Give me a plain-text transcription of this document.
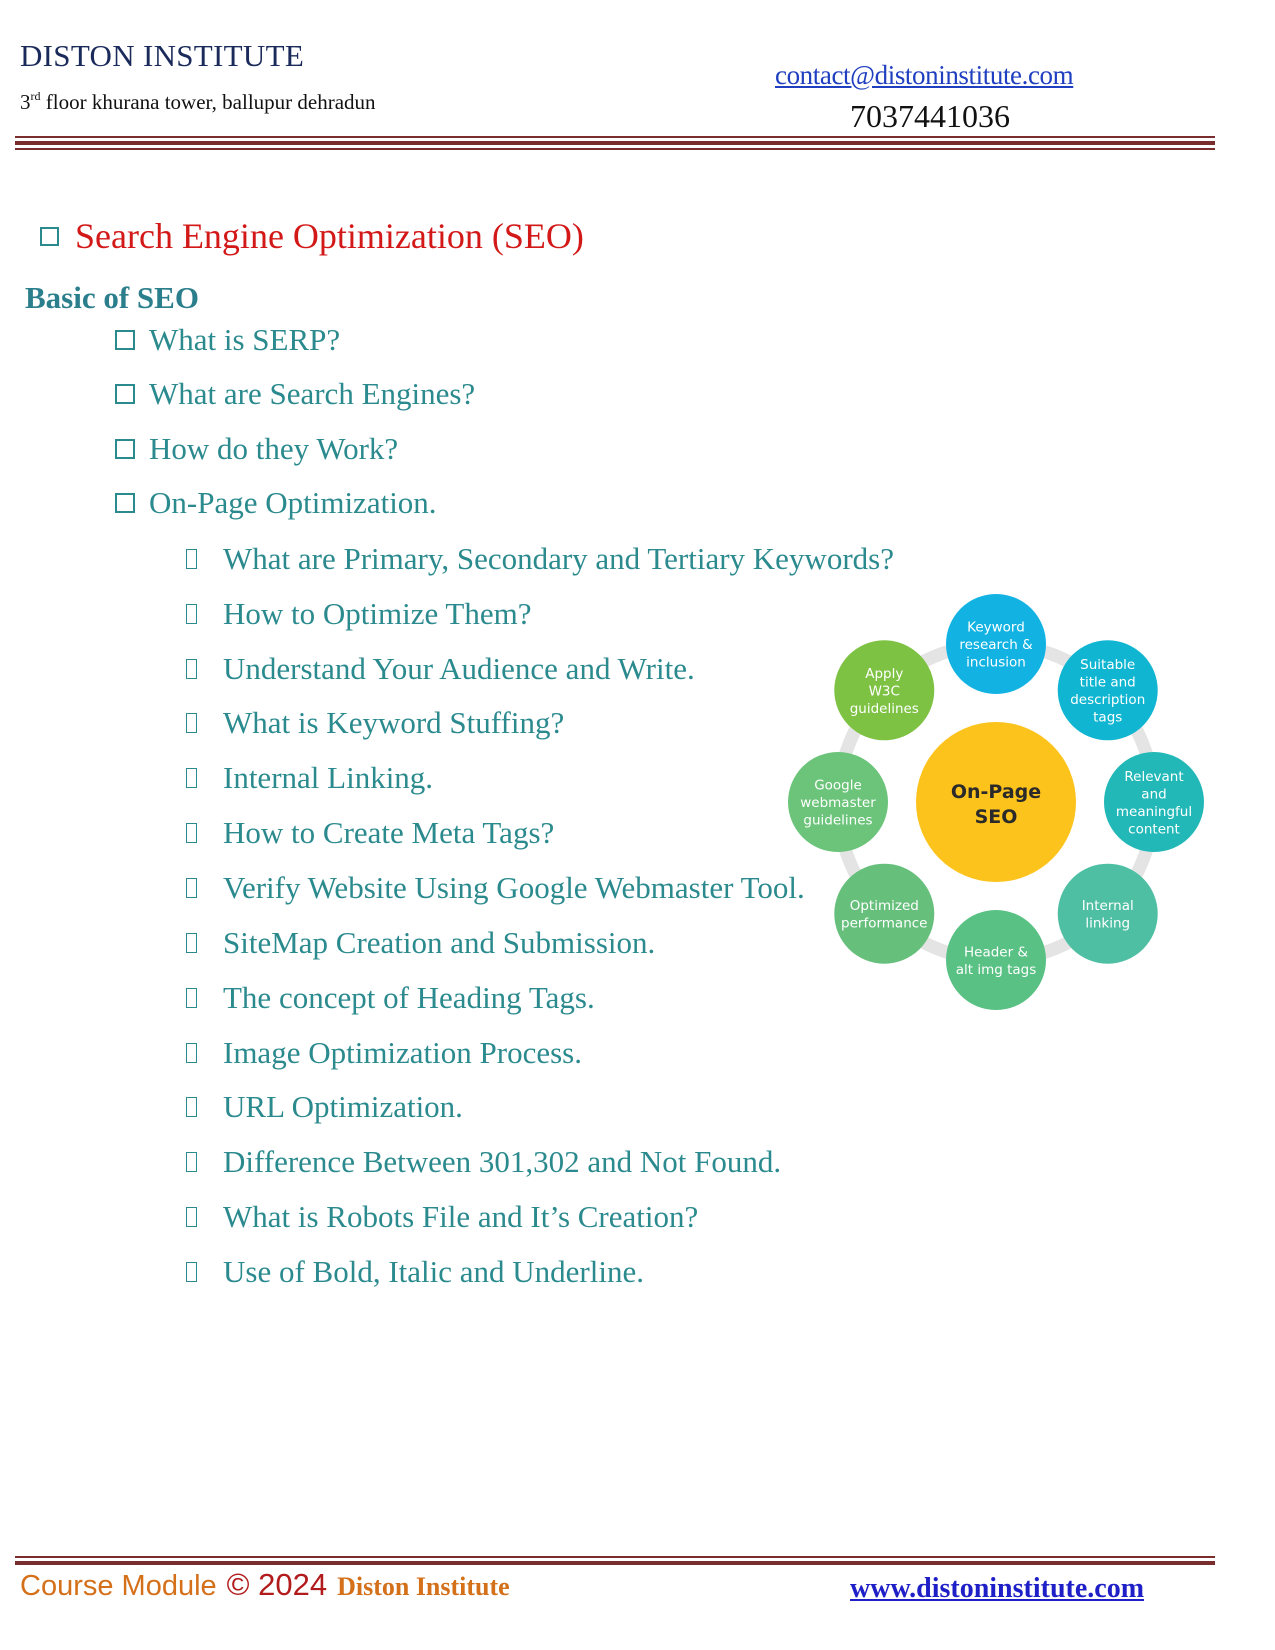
DISTON INSTITUTE
3rd floor khurana tower, ballupur dehradun
contact@distoninstitute.com
7037441036
Search Engine Optimization (SEO)
Basic of SEO
What is SERP?
What are Search Engines?
How do they Work?
On-Page Optimization.
What are Primary, Secondary and Tertiary Keywords?
How to Optimize Them?
Understand Your Audience and Write.
What is Keyword Stuffing?
Internal Linking.
How to Create Meta Tags?
Verify Website Using Google Webmaster Tool.
SiteMap Creation and Submission.
The concept of Heading Tags.
Image Optimization Process.
URL Optimization.
Difference Between 301,302 and Not Found.
What is Robots File and It’s Creation?
Use of Bold, Italic and Underline.
On-Page
SEO
Keyword
research &
inclusion	Suitable
title and
description
tags
Relevant
and
meaningful
content
Internal
linking
Header &
alt img tags
Optimized
performance
Google
webmaster
guidelines
Apply
W3C
guidelines
Course Module © 2024 Diston Institute	www.distoninstitute.com
